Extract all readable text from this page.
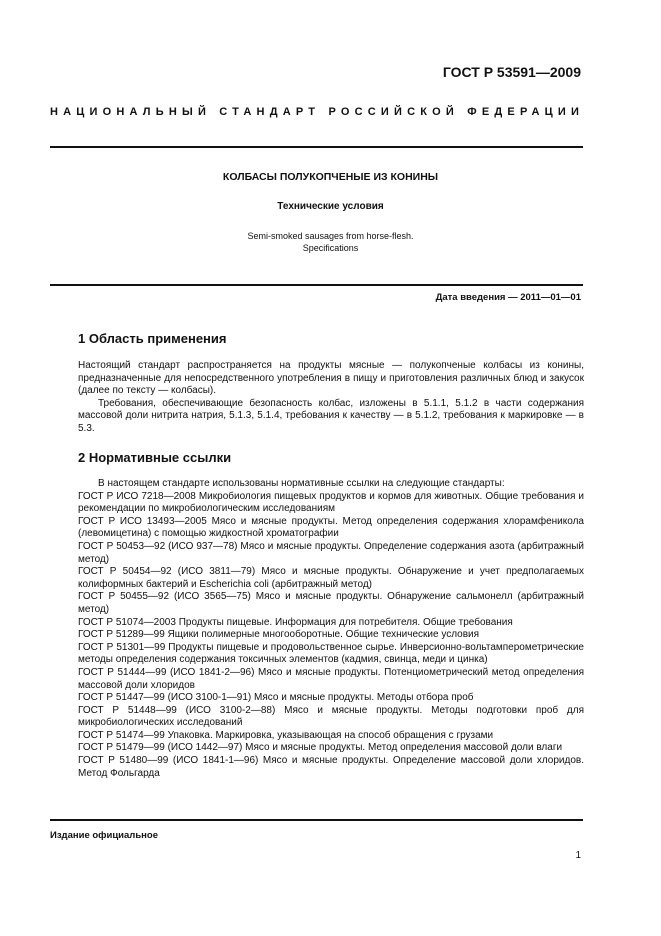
ГОСТ Р 53591—2009
НАЦИОНАЛЬНЫЙ СТАНДАРТ РОССИЙСКОЙ ФЕДЕРАЦИИ
КОЛБАСЫ ПОЛУКОПЧЕНЫЕ ИЗ КОНИНЫ
Технические условия
Semi-smoked sausages from horse-flesh.
Specifications
Дата введения — 2011—01—01
1 Область применения

Настоящий стандарт распространяется на продукты мясные — полукопченые колбасы из конины, предназначенные для непосредственного употребления в пищу и приготовления различных блюд и закусок (далее по тексту — колбасы).

Требования, обеспечивающие безопасность колбас, изложены в 5.1.1, 5.1.2 в части содержания массовой доли нитрита натрия, 5.1.3, 5.1.4, требования к качеству — в 5.1.2, требования к маркировке — в 5.3.

2 Нормативные ссылки

В настоящем стандарте использованы нормативные ссылки на следующие стандарты:

ГОСТ Р ИСО 7218—2008 Микробиология пищевых продуктов и кормов для животных. Общие требования и рекомендации по микробиологическим исследованиям

ГОСТ Р ИСО 13493—2005 Мясо и мясные продукты. Метод определения содержания хлорамфеникола (левомицетина) с помощью жидкостной хроматографии

ГОСТ Р 50453—92 (ИСО 937—78) Мясо и мясные продукты. Определение содержания азота (арбитражный метод)

ГОСТ Р 50454—92 (ИСО 3811—79) Мясо и мясные продукты. Обнаружение и учет предполагаемых колиформных бактерий и Escherichia coli (арбитражный метод)

ГОСТ Р 50455—92 (ИСО 3565—75) Мясо и мясные продукты. Обнаружение сальмонелл (арбитражный метод)

ГОСТ Р 51074—2003 Продукты пищевые. Информация для потребителя. Общие требования

ГОСТ Р 51289—99 Ящики полимерные многооборотные. Общие технические условия

ГОСТ Р 51301—99 Продукты пищевые и продовольственное сырье. Инверсионно-вольтамперометрические методы определения содержания токсичных элементов (кадмия, свинца, меди и цинка)

ГОСТ Р 51444—99 (ИСО 1841-2—96) Мясо и мясные продукты. Потенциометрический метод определения массовой доли хлоридов

ГОСТ Р 51447—99 (ИСО 3100-1—91) Мясо и мясные продукты. Методы отбора проб

ГОСТ Р 51448—99 (ИСО 3100-2—88) Мясо и мясные продукты. Методы подготовки проб для микробиологических исследований

ГОСТ Р 51474—99 Упаковка. Маркировка, указывающая на способ обращения с грузами

ГОСТ Р 51479—99 (ИСО 1442—97) Мясо и мясные продукты. Метод определения массовой доли влаги

ГОСТ Р 51480—99 (ИСО 1841-1—96) Мясо и мясные продукты. Определение массовой доли хлоридов. Метод Фольгарда

Издание официальное
1
